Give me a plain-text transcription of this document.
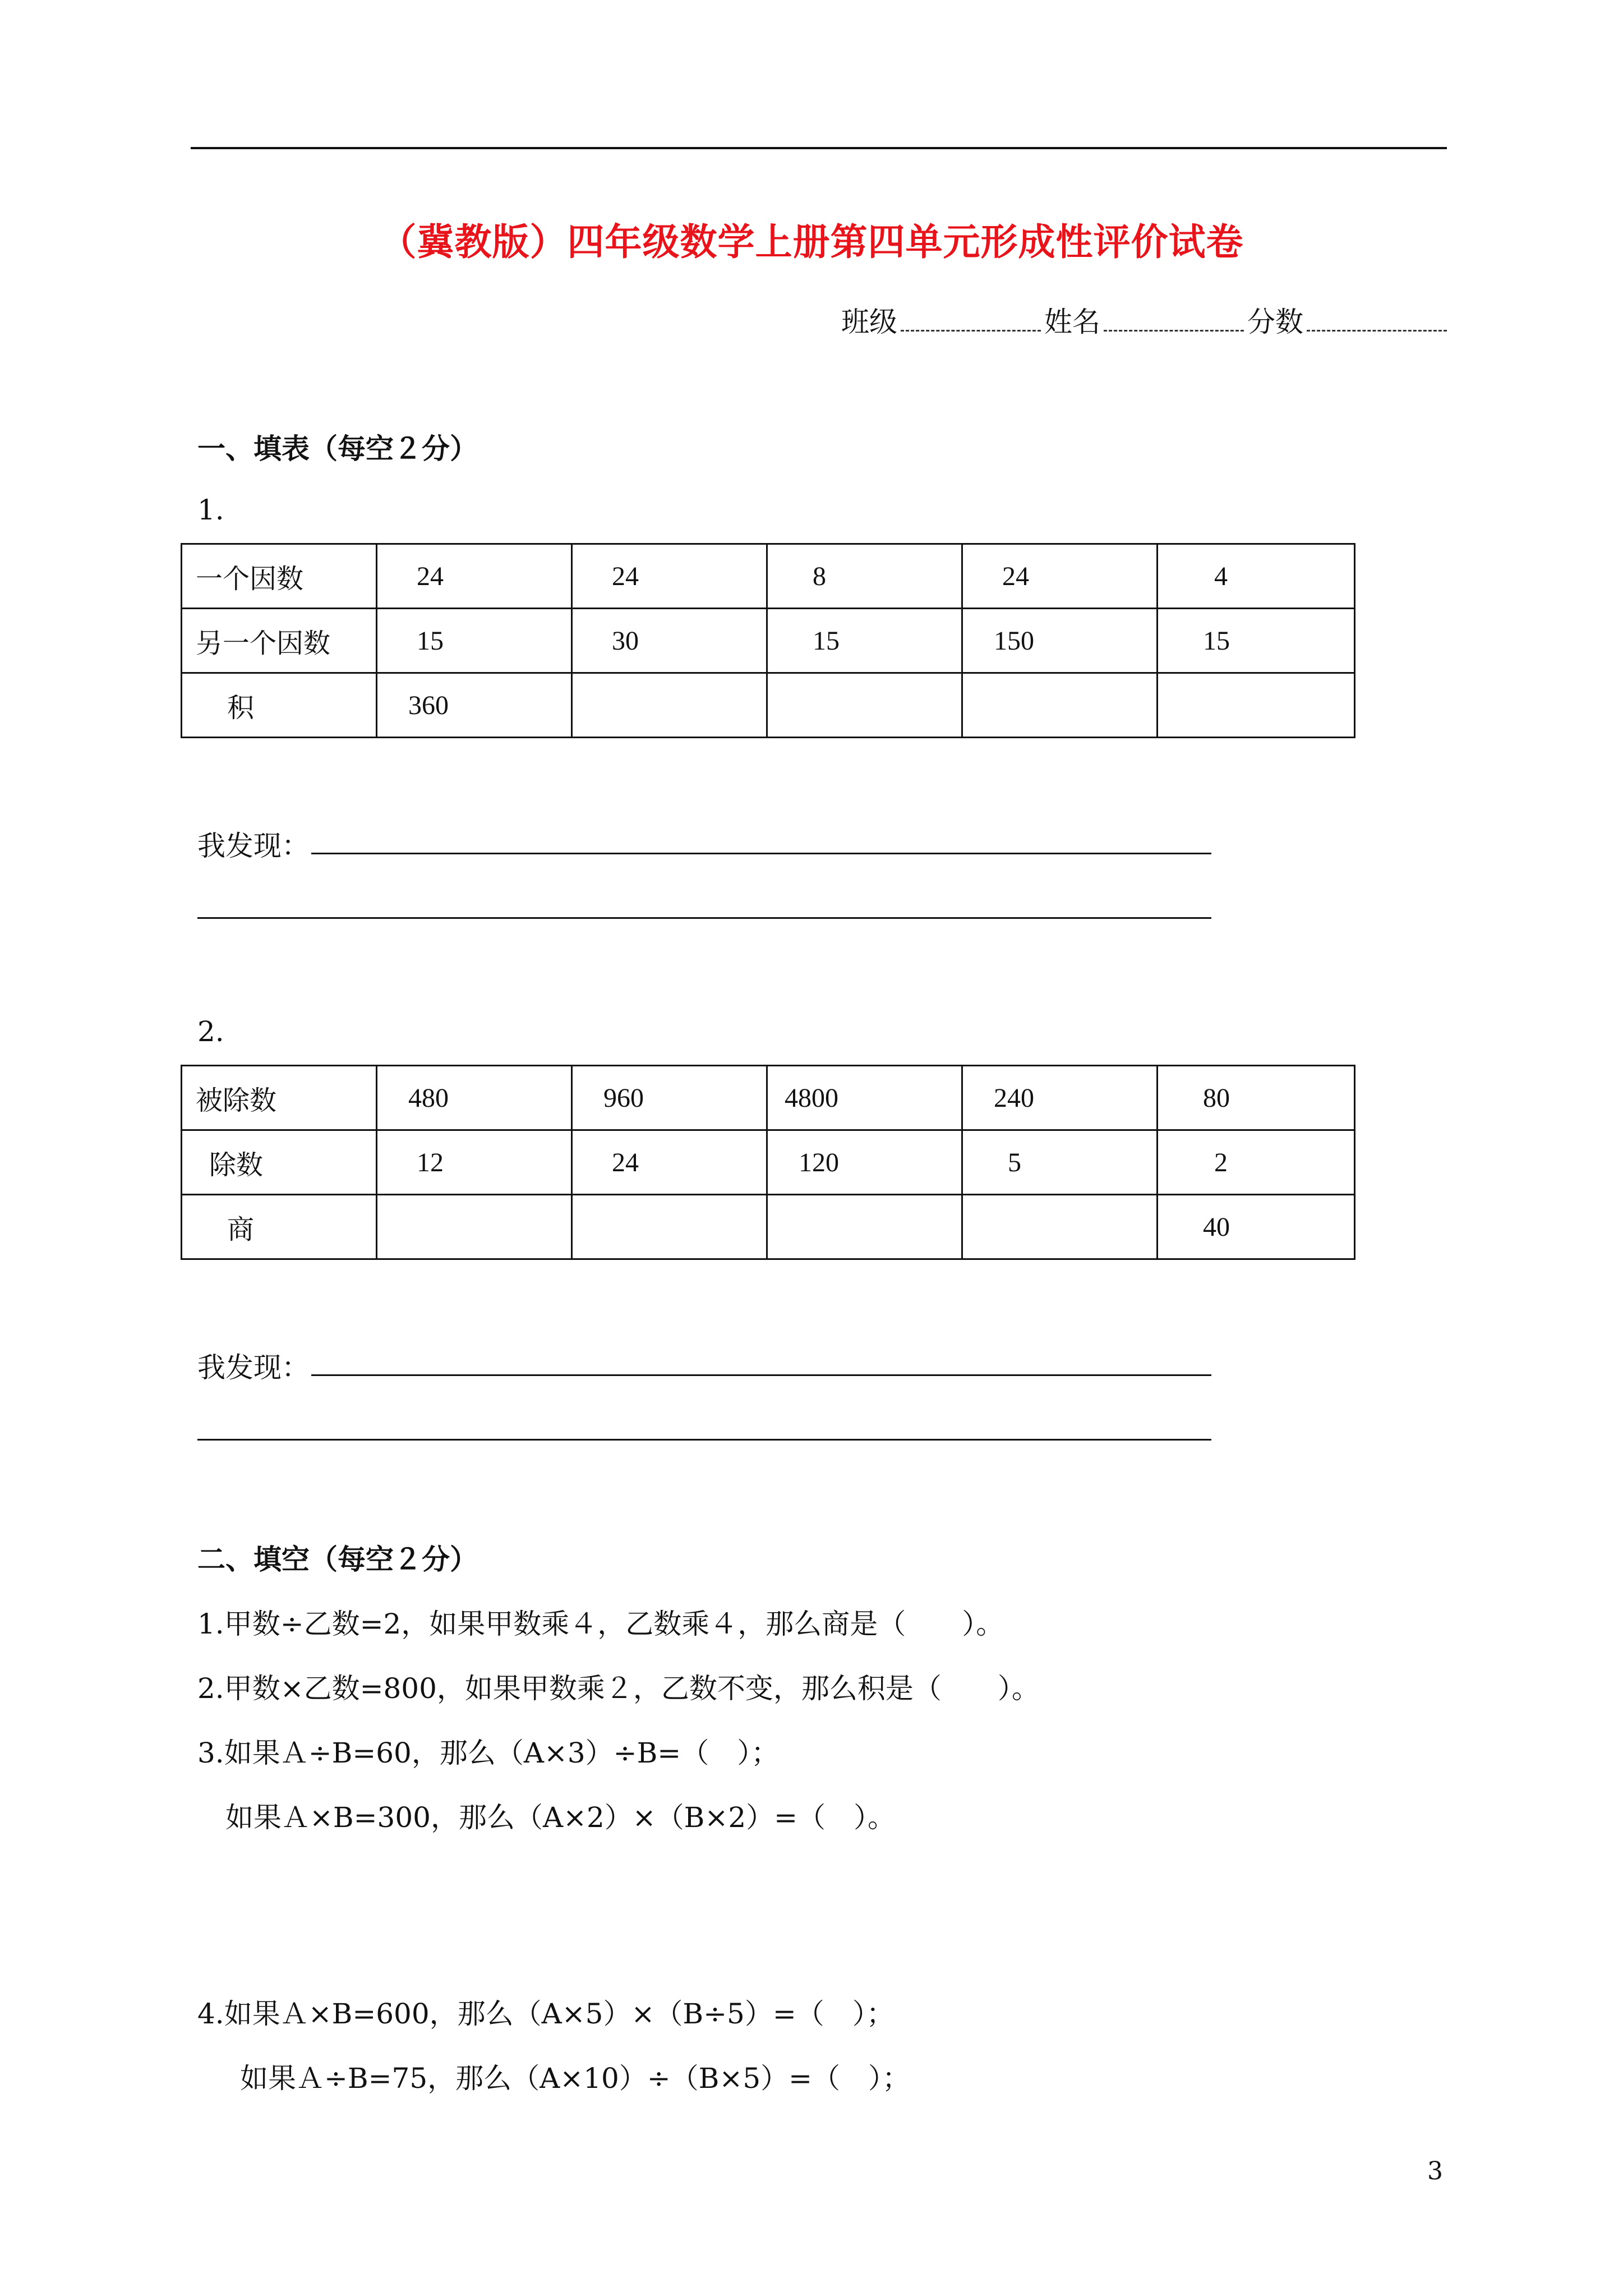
（冀教版）四年级数学上册第四单元形成性评价试卷
班级	姓名	分数
一、填表（每空２分）
1.
一个因数	24	24	8	24	4
另一个因数	15	30	15	150	15
积	360				
我发现：
2.
被除数	480	960	4800	240	80
除数	12	24	120	5	2
商					40
我发现：
二、填空（每空２分）
1.甲数÷乙数=2，如果甲数乘４，乙数乘４，那么商是（　　）。
2.甲数×乙数=800，如果甲数乘２，乙数不变，那么积是（　　）。
3.如果Ａ÷B=60，那么（A×3）÷B=（　）；
如果Ａ×B=300，那么（A×2）×（B×2）=（　）。
4.如果Ａ×B=600，那么（A×5）×（B÷5）=（　）；
如果Ａ÷B=75，那么（A×10）÷（B×5）=（　）；
3
